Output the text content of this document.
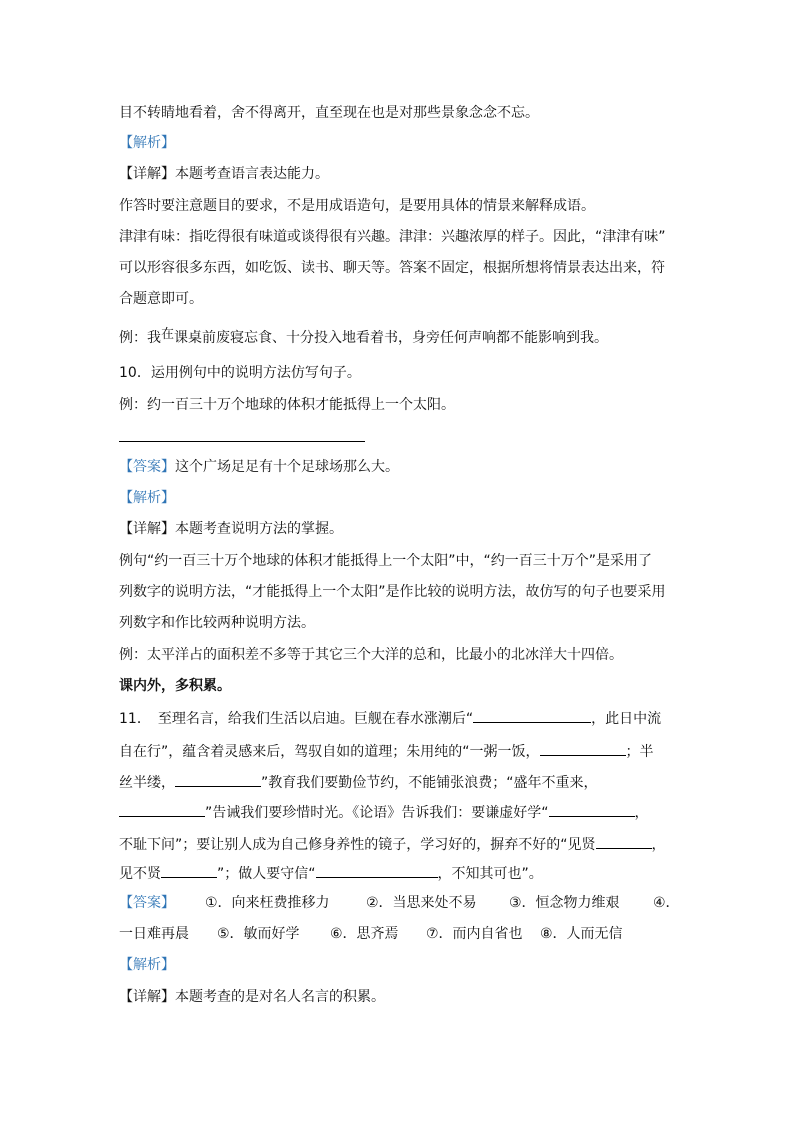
目不转睛地看着，舍不得离开，直至现在也是对那些景象念念不忘。
【解析】
【详解】本题考查语言表达能力。
作答时要注意题目的要求，不是用成语造句，是要用具体的情景来解释成语。
津津有味：指吃得很有味道或谈得很有兴趣。津津：兴趣浓厚的样子。因此，“津津有味”
可以形容很多东西，如吃饭、读书、聊天等。答案不固定，根据所想将情景表达出来，符
合题意即可。
例：我在课桌前废寝忘食、十分投入地看着书，身旁任何声响都不能影响到我。
10．运用例句中的说明方法仿写句子。
例：约一百三十万个地球的体积才能抵得上一个太阳。
【答案】这个广场足足有十个足球场那么大。
【解析】
【详解】本题考查说明方法的掌握。
例句“约一百三十万个地球的体积才能抵得上一个太阳”中，“约一百三十万个”是采用了
列数字的说明方法，“才能抵得上一个太阳”是作比较的说明方法，故仿写的句子也要采用
列数字和作比较两种说明方法。
例：太平洋占的面积差不多等于其它三个大洋的总和，比最小的北冰洋大十四倍。
课内外，多积累。
11．　至理名言，给我们生活以启迪。巨舰在春水涨潮后“	，此日中流
自在行”，蕴含着灵感来后，驾驭自如的道理；朱用纯的“一粥一饭，	；半
丝半缕，	”教育我们要勤俭节约，不能铺张浪费；“盛年不重来，
”告诫我们要珍惜时光。《论语》告诉我们：要谦虚好学“	，
不耻下问”；要让别人成为自己修身养性的镜子，学习好的，摒弃不好的“见贤	，
见不贤	”；做人要守信“	，不知其可也”。
【答案】 ①．向来枉费推移力	②．当思来处不易 ③．恒念物力维艰 ④．
一日难再晨 ⑤．敏而好学 ⑥．思齐焉 ⑦．而内自省也 ⑧．人而无信
【解析】
【详解】本题考查的是对名人名言的积累。
